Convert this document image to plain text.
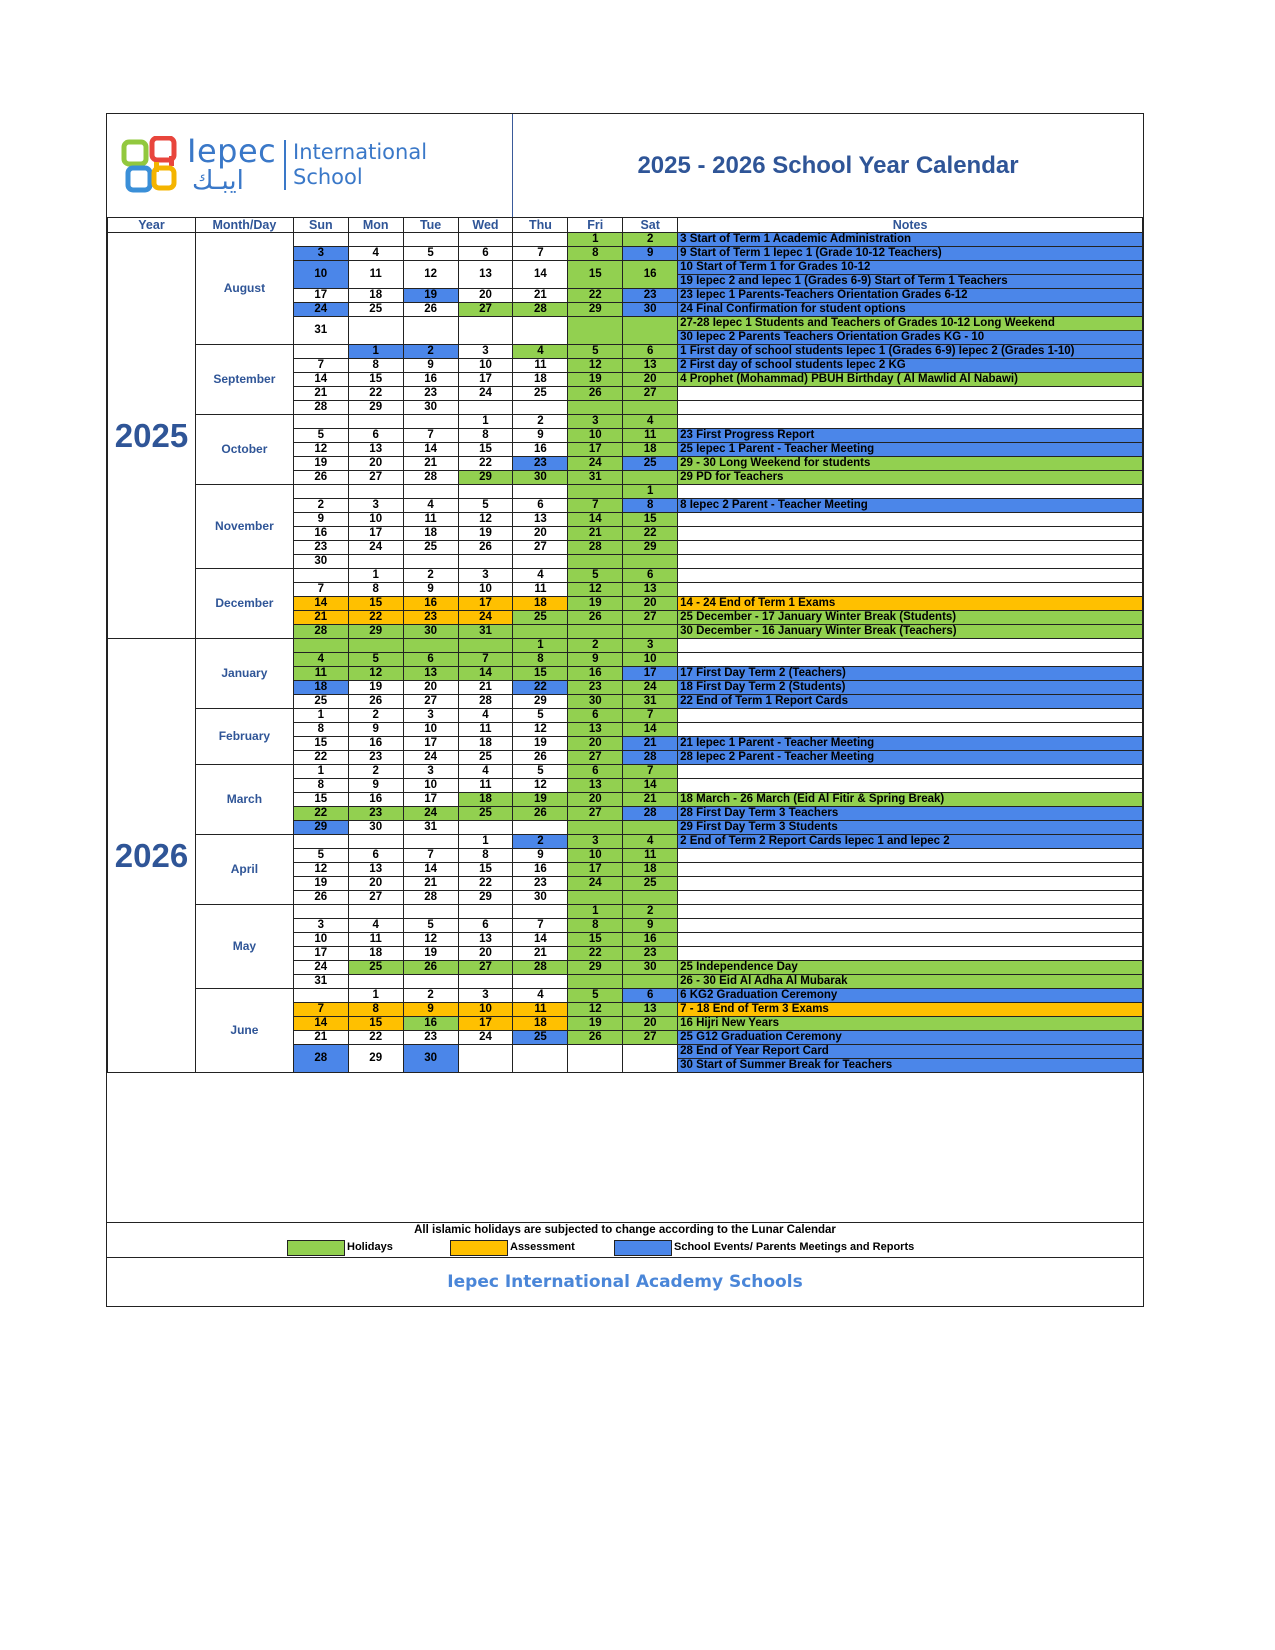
Iepec
ايبـك
International
School	2025 - 2026 School Year Calendar
Year	Month/Day	Sun	Mon	Tue	Wed	Thu	Fri	Sat	Notes
2025	August						1	2	3 Start of Term 1 Academic Administration
		3	4	5	6	7	8	9	9 Start of Term 1 Iepec 1 (Grade 10-12 Teachers)
		10	11	12	13	14	15	16	10 Start of Term 1 for Grades 10-12
									19 Iepec 2 and Iepec 1 (Grades 6-9) Start of Term 1 Teachers
		17	18	19	20	21	22	23	23 Iepec 1 Parents-Teachers Orientation Grades 6-12
		24	25	26	27	28	29	30	24 Final Confirmation for student options
		31							27-28 Iepec 1 Students and Teachers of Grades 10-12 Long Weekend
									30 Iepec 2 Parents Teachers Orientation Grades KG - 10
	September		1	2	3	4	5	6	1 First day of school students Iepec 1 (Grades 6-9) Iepec 2 (Grades 1-10)
		7	8	9	10	11	12	13	2 First day of school students Iepec 2 KG
		14	15	16	17	18	19	20	4 Prophet (Mohammad) PBUH Birthday ( Al Mawlid Al Nabawi)
		21	22	23	24	25	26	27	
		28	29	30					
	October				1	2	3	4	
		5	6	7	8	9	10	11	23 First Progress Report
		12	13	14	15	16	17	18	25 Iepec 1 Parent - Teacher Meeting
		19	20	21	22	23	24	25	29 - 30 Long Weekend for students
		26	27	28	29	30	31		29 PD for Teachers
	November							1	
		2	3	4	5	6	7	8	8 Iepec 2 Parent - Teacher Meeting
		9	10	11	12	13	14	15	
		16	17	18	19	20	21	22	
		23	24	25	26	27	28	29	
		30							
	December		1	2	3	4	5	6	
		7	8	9	10	11	12	13	
		14	15	16	17	18	19	20	14 - 24 End of Term 1 Exams
		21	22	23	24	25	26	27	25 December - 17 January Winter Break (Students)
		28	29	30	31				30 December - 16 January Winter Break (Teachers)
2026	January					1	2	3	
		4	5	6	7	8	9	10	
		11	12	13	14	15	16	17	17 First Day Term 2 (Teachers)
		18	19	20	21	22	23	24	18 First Day Term 2 (Students)
		25	26	27	28	29	30	31	22 End of Term 1 Report Cards
	February	1	2	3	4	5	6	7	
		8	9	10	11	12	13	14	
		15	16	17	18	19	20	21	21 Iepec 1 Parent - Teacher Meeting
		22	23	24	25	26	27	28	28 Iepec 2 Parent - Teacher Meeting
	March	1	2	3	4	5	6	7	
		8	9	10	11	12	13	14	
		15	16	17	18	19	20	21	18 March - 26 March (Eid Al Fitir & Spring Break)
		22	23	24	25	26	27	28	28 First Day Term 3 Teachers
		29	30	31					29 First Day Term 3 Students
	April				1	2	3	4	2 End of Term 2 Report Cards Iepec 1 and Iepec 2
		5	6	7	8	9	10	11	
		12	13	14	15	16	17	18	
		19	20	21	22	23	24	25	
		26	27	28	29	30			
	May						1	2	
		3	4	5	6	7	8	9	
		10	11	12	13	14	15	16	
		17	18	19	20	21	22	23	
		24	25	26	27	28	29	30	25 Independence Day
		31							26 - 30 Eid Al Adha Al Mubarak
	June		1	2	3	4	5	6	6 KG2 Graduation Ceremony
		7	8	9	10	11	12	13	7 - 18 End of Term 3 Exams
		14	15	16	17	18	19	20	16 Hijri New Years
		21	22	23	24	25	26	27	25 G12 Graduation Ceremony
		28	29	30					28 End of Year Report Card
									30 Start of Summer Break for Teachers
All islamic holidays are subjected to change according to the Lunar Calendar
Holidays	Assessment	School Events/ Parents Meetings and Reports
Iepec International Academy Schools
